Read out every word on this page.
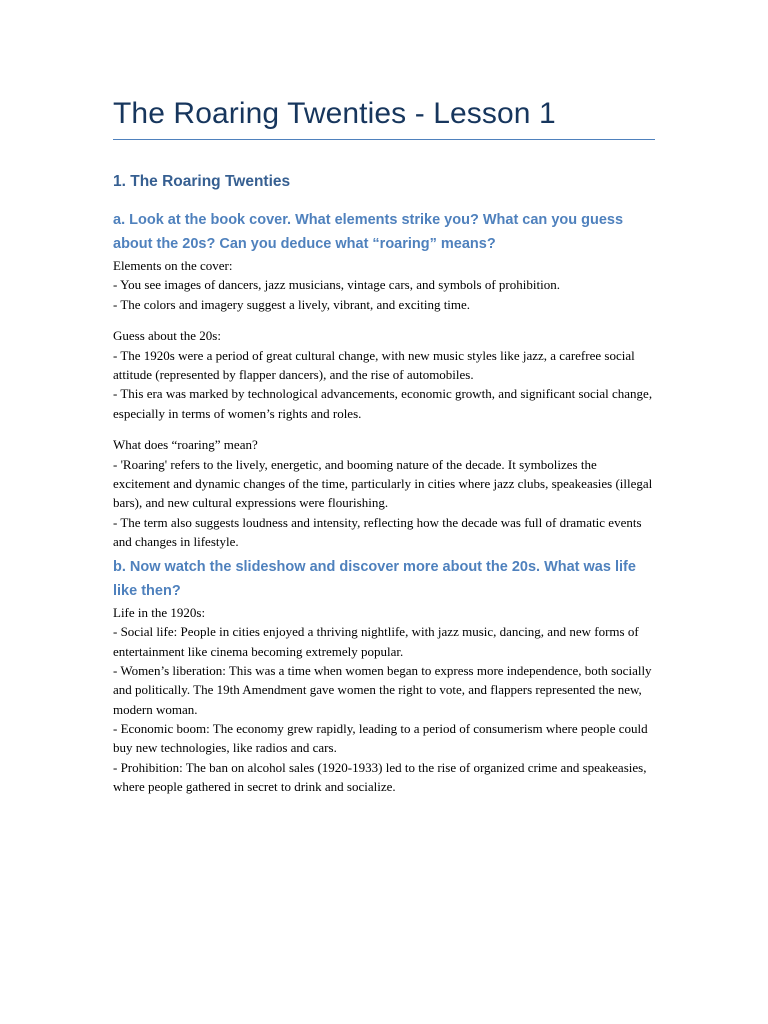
The Roaring Twenties - Lesson 1
1. The Roaring Twenties
a. Look at the book cover. What elements strike you? What can you guess about the 20s? Can you deduce what “roaring” means?

Elements on the cover:
- You see images of dancers, jazz musicians, vintage cars, and symbols of prohibition.
- The colors and imagery suggest a lively, vibrant, and exciting time.

Guess about the 20s:
- The 1920s were a period of great cultural change, with new music styles like jazz, a carefree social attitude (represented by flapper dancers), and the rise of automobiles.
- This era was marked by technological advancements, economic growth, and significant social change, especially in terms of women’s rights and roles.

What does “roaring” mean?
- 'Roaring' refers to the lively, energetic, and booming nature of the decade. It symbolizes the excitement and dynamic changes of the time, particularly in cities where jazz clubs, speakeasies (illegal bars), and new cultural expressions were flourishing.
- The term also suggests loudness and intensity, reflecting how the decade was full of dramatic events and changes in lifestyle.

b. Now watch the slideshow and discover more about the 20s. What was life like then?

Life in the 1920s:
- Social life: People in cities enjoyed a thriving nightlife, with jazz music, dancing, and new forms of entertainment like cinema becoming extremely popular.
- Women’s liberation: This was a time when women began to express more independence, both socially and politically. The 19th Amendment gave women the right to vote, and flappers represented the new, modern woman.
- Economic boom: The economy grew rapidly, leading to a period of consumerism where people could buy new technologies, like radios and cars.
- Prohibition: The ban on alcohol sales (1920-1933) led to the rise of organized crime and speakeasies, where people gathered in secret to drink and socialize.
